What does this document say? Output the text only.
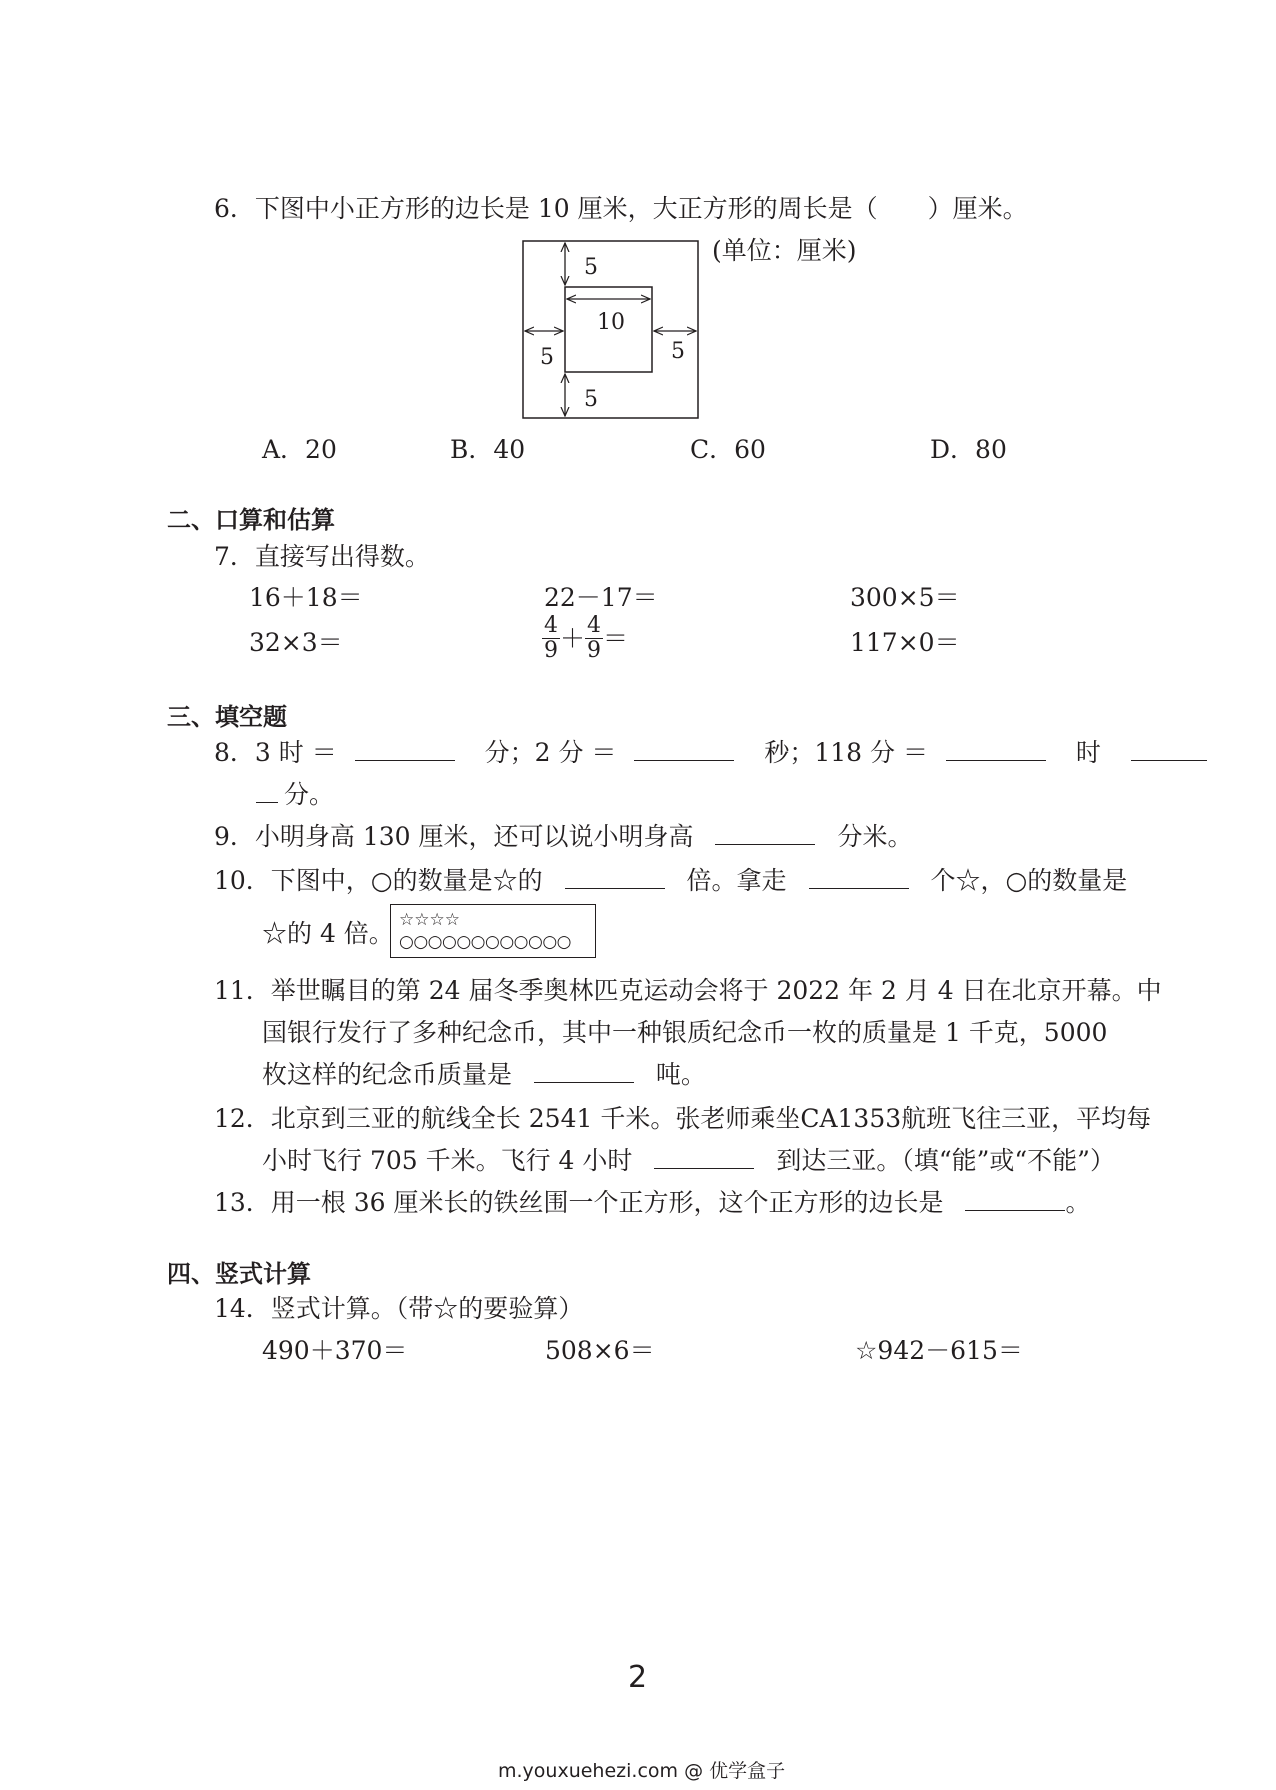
6．下图中小正方形的边长是 10 厘米，大正方形的周长是（　　）厘米。
5
10
5	5
5
(单位：厘米)
A．20	B．40	C．60	D．80
二、口算和估算
7．直接写出得数。
16＋18＝	22－17＝	300×5＝
32×3＝	$\frac{4}{9} + \frac{4}{9}$ ＝	117×0＝
三、填空题
8．3 时 ＝	分；2 分 ＝	秒；118 分 ＝	时
分。
9．小明身高 130 厘米，还可以说小明身高	分米。
10．下图中，○的数量是☆的	倍。拿走	个☆，○的数量是
☆的 4 倍。 ☆☆☆☆
○○○○○○○○○○○○
11．举世瞩目的第 24 届冬季奥林匹克运动会将于 2022 年 2 月 4 日在北京开幕。中
国银行发行了多种纪念币，其中一种银质纪念币一枚的质量是 1 千克，5000
枚这样的纪念币质量是	吨。
12．北京到三亚的航线全长 2541 千米。张老师乘坐CA1353航班飞往三亚，平均每
小时飞行 705 千米。飞行 4 小时	到达三亚。（填“能”或“不能”）
13．用一根 36 厘米长的铁丝围一个正方形，这个正方形的边长是	。
四、竖式计算
14．竖式计算。（带☆的要验算）
490＋370＝	508×6＝	☆942－615＝
2
m.youxuehezi.com @ 优学盒子
